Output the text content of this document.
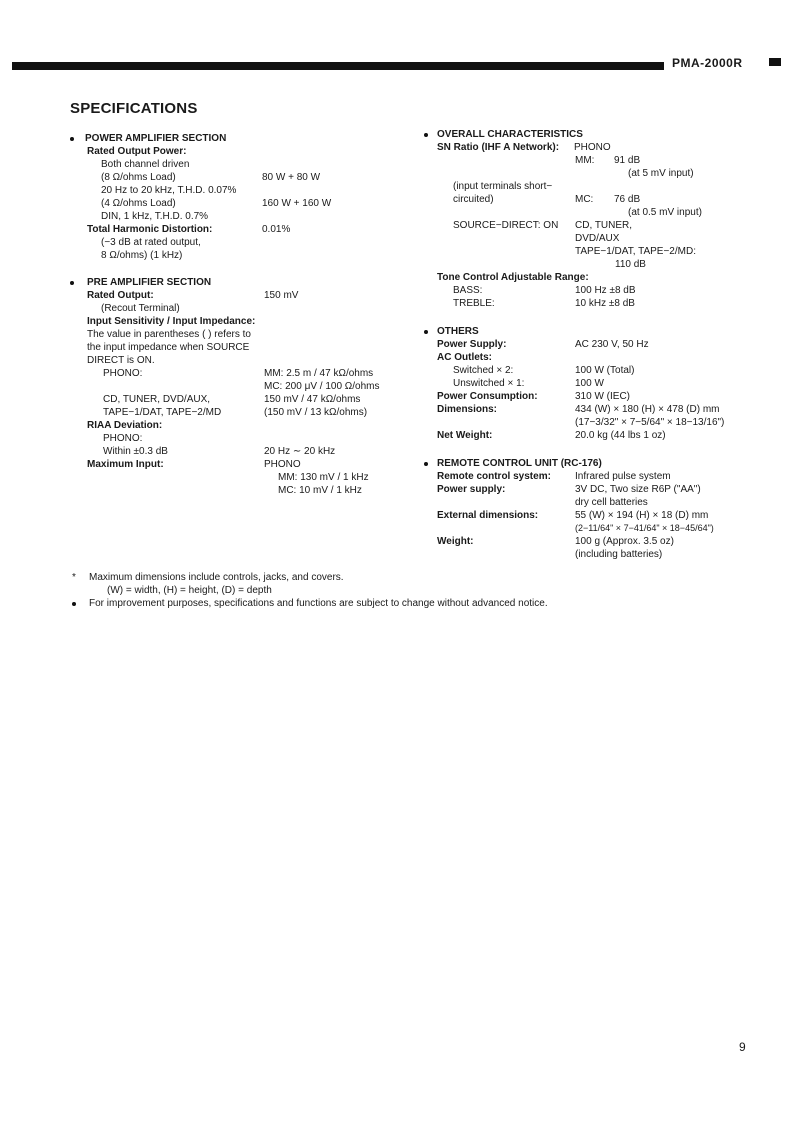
PMA-2000R
SPECIFICATIONS
POWER AMPLIFIER SECTION
Rated Output Power:
Both channel driven
(8 Ω/ohms Load)	80 W + 80 W
20 Hz to 20 kHz, T.H.D. 0.07%
(4 Ω/ohms Load)	160 W + 160 W
DIN, 1 kHz, T.H.D. 0.7%
Total Harmonic Distortion:	0.01%
(−3 dB at rated output,
8 Ω/ohms) (1 kHz)
PRE AMPLIFIER SECTION
Rated Output:	150 mV
(Recout Terminal)
Input Sensitivity / Input Impedance:
The value in parentheses ( ) refers to
the input impedance when SOURCE
DIRECT is ON.
PHONO:	MM: 2.5 m / 47 kΩ/ohms
MC: 200 μV / 100 Ω/ohms
CD, TUNER, DVD/AUX,	150 mV / 47 kΩ/ohms
TAPE−1/DAT, TAPE−2/MD	(150 mV / 13 kΩ/ohms)
RIAA Deviation:
PHONO:
Within ±0.3 dB	20 Hz ∼ 20 kHz
Maximum Input:	PHONO
MM: 130 mV / 1 kHz
MC: 10 mV / 1 kHz
OVERALL CHARACTERISTICS
SN Ratio (IHF A Network): PHONO
MM: 91 dB
(at 5 mV input)
(input terminals short−
circuited)	MC: 76 dB
(at 0.5 mV input)
SOURCE−DIRECT: ON CD, TUNER,
DVD/AUX
TAPE−1/DAT, TAPE−2/MD:
110 dB
Tone Control Adjustable Range:
BASS:	100 Hz ±8 dB
TREBLE:	10 kHz ±8 dB
OTHERS
Power Supply:	AC 230 V, 50 Hz
AC Outlets:
Switched × 2:	100 W (Total)
Unswitched × 1:	100 W
Power Consumption:	310 W (IEC)
Dimensions:	434 (W) × 180 (H) × 478 (D) mm
(17−3/32" × 7−5/64" × 18−13/16")
Net Weight:	20.0 kg (44 lbs 1 oz)
REMOTE CONTROL UNIT (RC-176)
Remote control system: Infrared pulse system
Power supply:	3V DC, Two size R6P ("AA")
dry cell batteries
External dimensions:	55 (W) × 194 (H) × 18 (D) mm
(2−11/64" × 7−41/64" × 18−45/64")
Weight:	100 g (Approx. 3.5 oz)
(including batteries)
* Maximum dimensions include controls, jacks, and covers.
(W) = width, (H) = height, (D) = depth
For improvement purposes, specifications and functions are subject to change without advanced notice.
9
